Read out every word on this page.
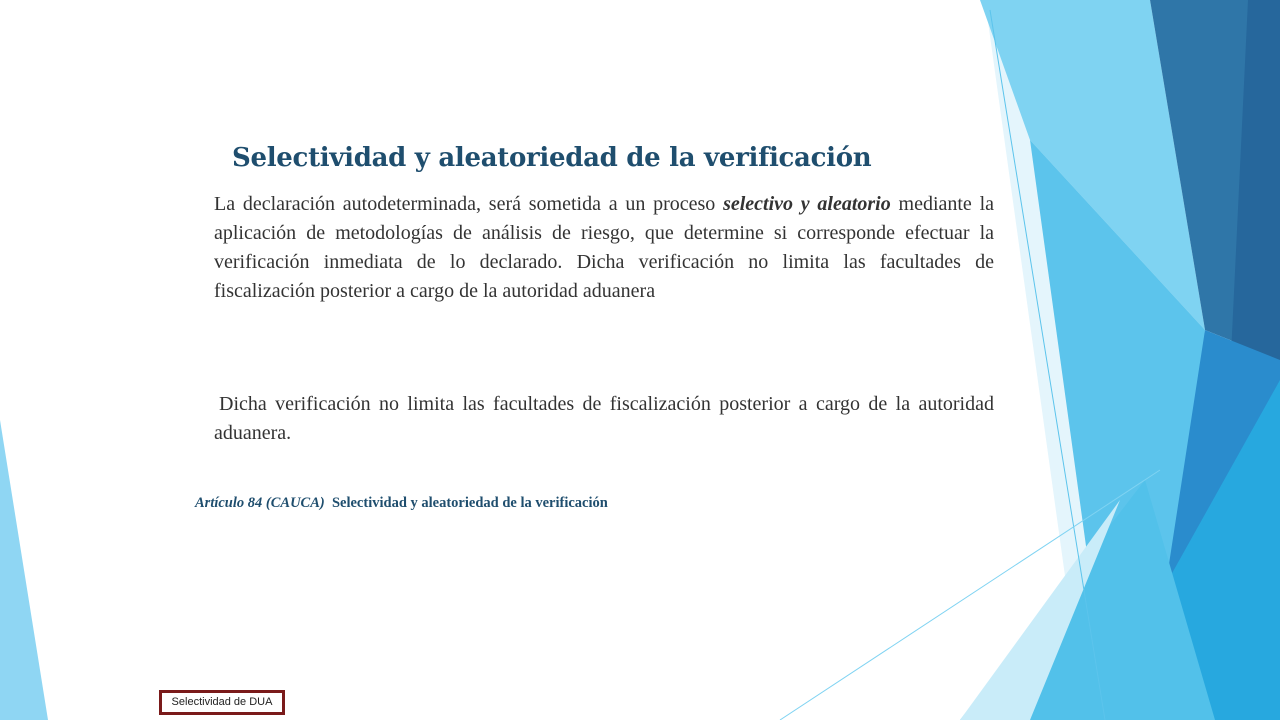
Selectividad y aleatoriedad de la verificación

La declaración autodeterminada, será sometida a un proceso selectivo y aleatorio mediante la aplicación de metodologías de análisis de riesgo, que determine si corresponde efectuar la verificación inmediata de lo declarado. Dicha verificación no limita las facultades de fiscalización posterior a cargo de la autoridad aduanera

Dicha verificación no limita las facultades de fiscalización posterior a cargo de la autoridad aduanera.

Artículo 84 (CAUCA) Selectividad y aleatoriedad de la verificación

Selectividad de DUA
